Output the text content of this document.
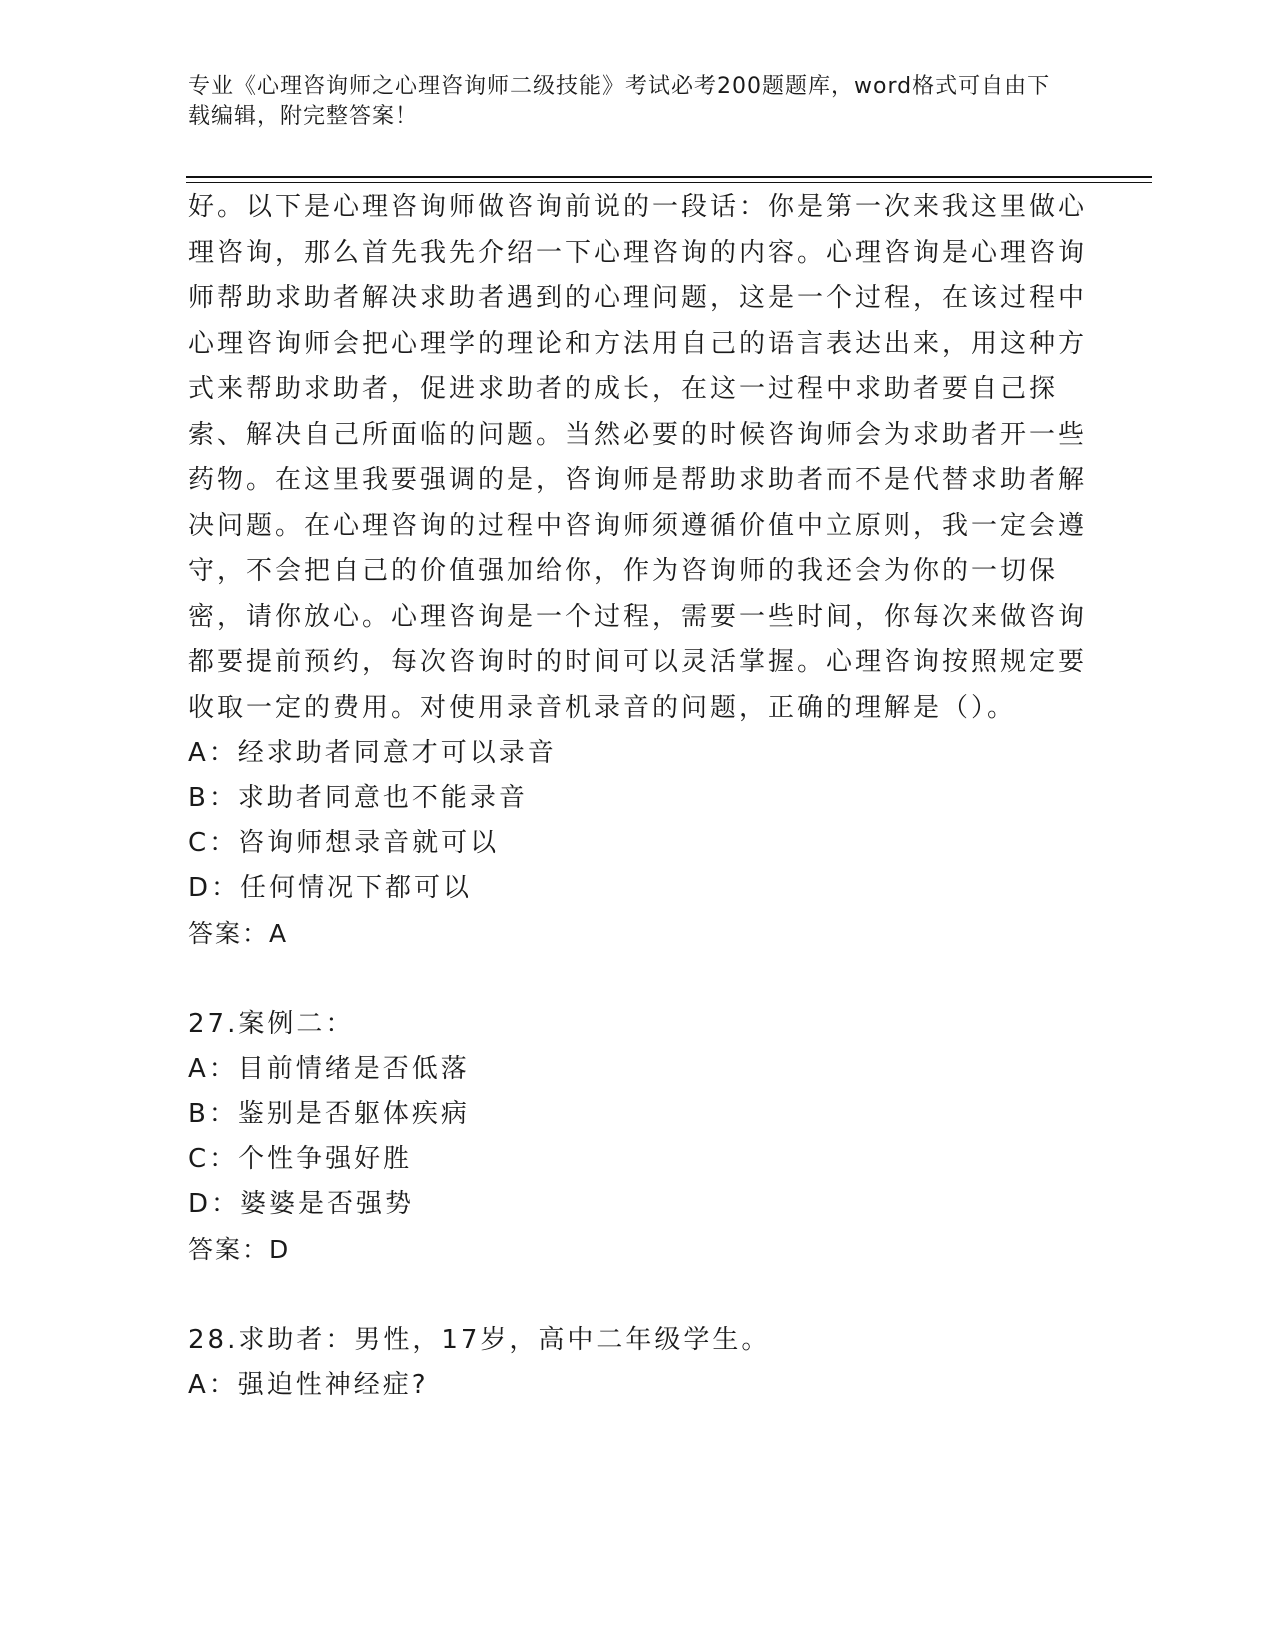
专业《心理咨询师之心理咨询师二级技能》考试必考200题题库，word格式可自由下载编辑，附完整答案！

好。以下是心理咨询师做咨询前说的一段话：你是第一次来我这里做心理咨询，那么首先我先介绍一下心理咨询的内容。心理咨询是心理咨询师帮助求助者解决求助者遇到的心理问题，这是一个过程，在该过程中心理咨询师会把心理学的理论和方法用自己的语言表达出来，用这种方式来帮助求助者，促进求助者的成长，在这一过程中求助者要自己探索、解决自己所面临的问题。当然必要的时候咨询师会为求助者开一些药物。在这里我要强调的是，咨询师是帮助求助者而不是代替求助者解决问题。在心理咨询的过程中咨询师须遵循价值中立原则，我一定会遵守，不会把自己的价值强加给你，作为咨询师的我还会为你的一切保密，请你放心。心理咨询是一个过程，需要一些时间，你每次来做咨询都要提前预约，每次咨询时的时间可以灵活掌握。心理咨询按照规定要收取一定的费用。对使用录音机录音的问题，正确的理解是（）。

A：经求助者同意才可以录音

B：求助者同意也不能录音

C：咨询师想录音就可以

D：任何情况下都可以

答案：A

27.案例二：

A：目前情绪是否低落

B：鉴别是否躯体疾病

C：个性争强好胜

D：婆婆是否强势

答案：D

28.求助者：男性，17岁，高中二年级学生。

A：强迫性神经症?
